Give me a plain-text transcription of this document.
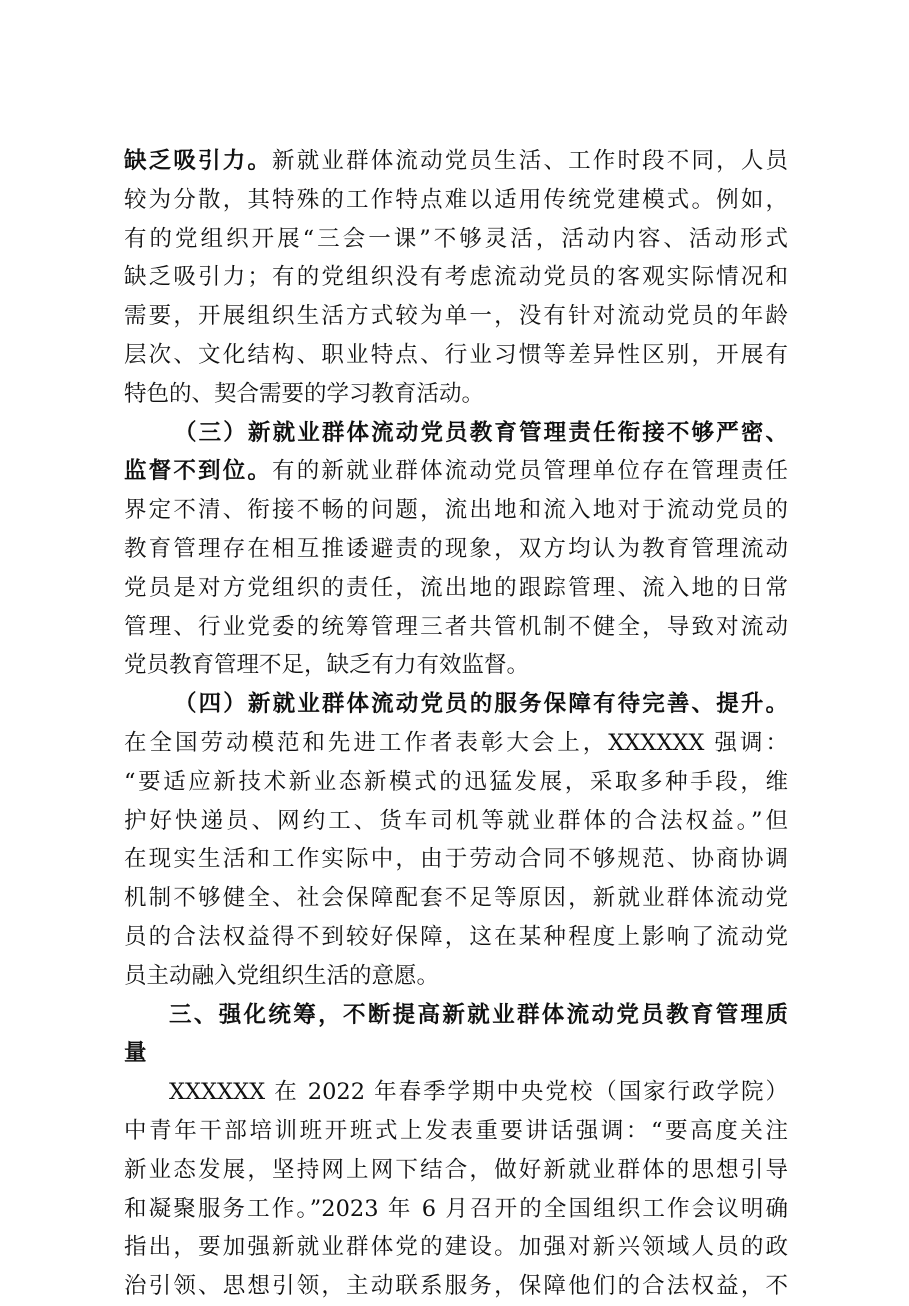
缺乏吸引力。新就业群体流动党员生活、工作时段不同，人员
较为分散，其特殊的工作特点难以适用传统党建模式。例如，
有的党组织开展“三会一课”不够灵活，活动内容、活动形式
缺乏吸引力；有的党组织没有考虑流动党员的客观实际情况和
需要，开展组织生活方式较为单一，没有针对流动党员的年龄
层次、文化结构、职业特点、行业习惯等差异性区别，开展有
特色的、契合需要的学习教育活动。
（三）新就业群体流动党员教育管理责任衔接不够严密、
监督不到位。有的新就业群体流动党员管理单位存在管理责任
界定不清、衔接不畅的问题，流出地和流入地对于流动党员的
教育管理存在相互推诿避责的现象，双方均认为教育管理流动
党员是对方党组织的责任，流出地的跟踪管理、流入地的日常
管理、行业党委的统筹管理三者共管机制不健全，导致对流动
党员教育管理不足，缺乏有力有效监督。
（四）新就业群体流动党员的服务保障有待完善、提升。
在全国劳动模范和先进工作者表彰大会上，XXXXXX 强调：
“要适应新技术新业态新模式的迅猛发展，采取多种手段，维
护好快递员、网约工、货车司机等就业群体的合法权益。”但
在现实生活和工作实际中，由于劳动合同不够规范、协商协调
机制不够健全、社会保障配套不足等原因，新就业群体流动党
员的合法权益得不到较好保障，这在某种程度上影响了流动党
员主动融入党组织生活的意愿。
三、强化统筹，不断提高新就业群体流动党员教育管理质
量
XXXXXX 在 2022 年春季学期中央党校（国家行政学院）
中青年干部培训班开班式上发表重要讲话强调：“要高度关注
新业态发展，坚持网上网下结合，做好新就业群体的思想引导
和凝聚服务工作。”2023 年 6 月召开的全国组织工作会议明确
指出，要加强新就业群体党的建设。加强对新兴领域人员的政
治引领、思想引领，主动联系服务，保障他们的合法权益，不
